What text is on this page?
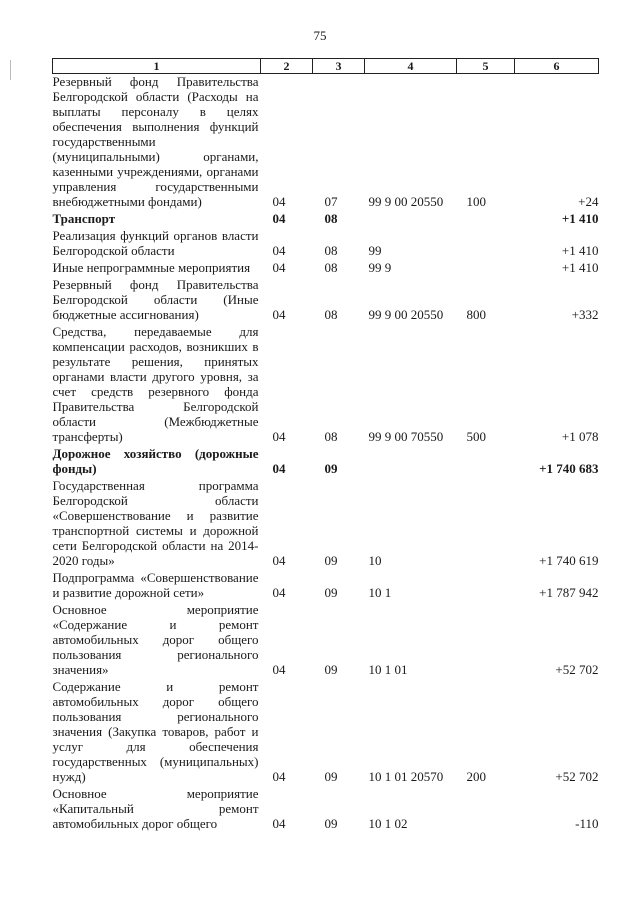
75
1	2	3	4	5	6
Резервный фонд Правительства Белгородской области (Расходы на выплаты персоналу в целях обеспечения выполнения функций государственными (муниципальными) органами, казенными учреждениями, органами управления государственными внебюджетными фондами)	04	07	99 9 00 20550	100	+24
Транспорт	04	08			+1 410
Реализация функций органов власти Белгородской области	04	08	99		+1 410
Иные непрограммные мероприятия	04	08	99 9		+1 410
Резервный фонд Правительства Белгородской области (Иные бюджетные ассигнования)	04	08	99 9 00 20550	800	+332
Средства, передаваемые для компенсации расходов, возникших в результате решения, принятых органами власти другого уровня, за счет средств резервного фонда Правительства Белгородской области (Межбюджетные трансферты)	04	08	99 9 00 70550	500	+1 078
Дорожное хозяйство (дорожные фонды)	04	09			+1 740 683
Государственная программа Белгородской области «Совершенствование и развитие транспортной системы и дорожной сети Белгородской области на 2014-2020 годы»	04	09	10		+1 740 619
Подпрограмма «Совершенствование и развитие дорожной сети»	04	09	10 1		+1 787 942
Основное мероприятие «Содержание и ремонт автомобильных дорог общего пользования регионального значения»	04	09	10 1 01		+52 702
Содержание и ремонт автомобильных дорог общего пользования регионального значения (Закупка товаров, работ и услуг для обеспечения государственных (муниципальных) нужд)	04	09	10 1 01 20570	200	+52 702
Основное мероприятие «Капитальный ремонт автомобильных дорог общего	04	09	10 1 02		-110
